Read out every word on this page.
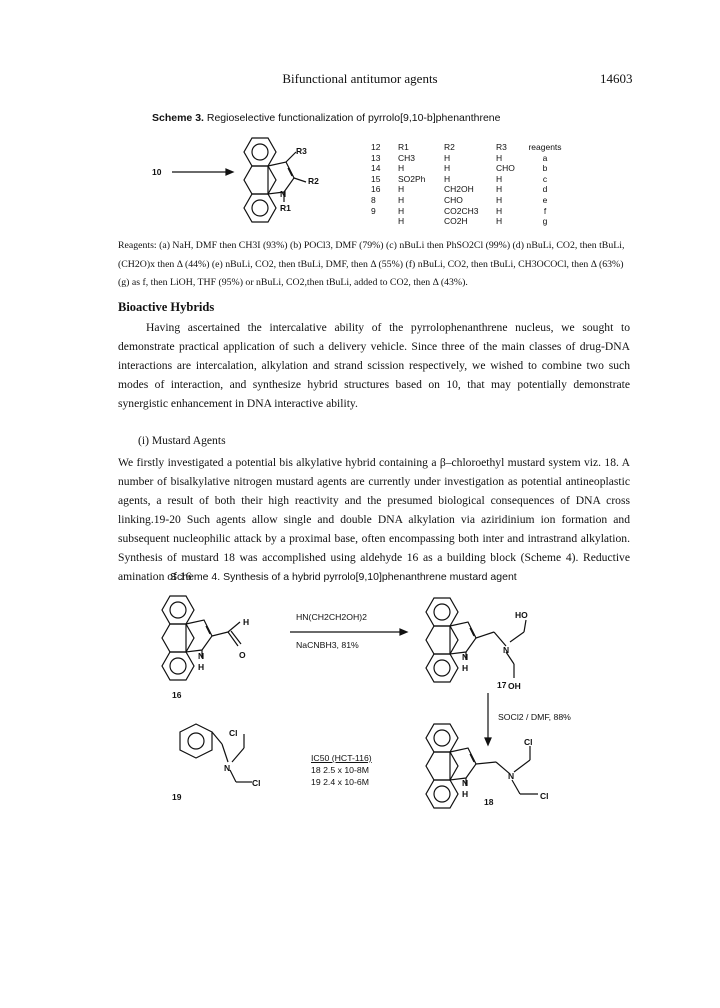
Bifunctional antitumor agents	14603
Scheme 3. Regioselective functionalization of pyrrolo[9,10-b]phenanthrene
10
R3
R2
N
R1
12
13
14
15
16
8
9
R1
CH3
H
SO2Ph
H
H
H
H
R2
H
H
H
CH2OH
CHO
CO2CH3
CO2H
R3
H
CHO
H
H
H
H
H
reagents
a
b
c
d
e
f
g
Reagents: (a) NaH, DMF then CH3I (93%) (b) POCl3, DMF (79%) (c) nBuLi then PhSO2Cl (99%) (d) nBuLi, CO2, then tBuLi, (CH2O)x then Δ (44%) (e) nBuLi, CO2, then tBuLi, DMF, then Δ (55%) (f) nBuLi, CO2, then tBuLi, CH3OCOCl, then Δ (63%) (g) as f, then LiOH, THF (95%) or nBuLi, CO2,then tBuLi, added to CO2, then Δ (43%).
Bioactive Hybrids
Having ascertained the intercalative ability of the pyrrolophenanthrene nucleus, we sought to demonstrate practical application of such a delivery vehicle. Since three of the main classes of drug-DNA interactions are intercalation, alkylation and strand scission respectively, we wished to combine two such modes of interaction, and synthesize hybrid structures based on 10, that may potentially demonstrate synergistic enhancement in DNA interactive ability.
(i) Mustard Agents
We firstly investigated a potential bis alkylative hybrid containing a β–chloroethyl mustard system viz. 18. A number of bisalkylative nitrogen mustard agents are currently under investigation as potential antineoplastic agents, a result of both their high reactivity and the presumed biological consequences of DNA cross linking.19-20 Such agents allow single and double DNA alkylation via aziridinium ion formation and subsequent nucleophilic attack by a proximal base, often encompassing both inter and intrastrand alkylation. Synthesis of mustard 18 was accomplished using aldehyde 16 as a building block (Scheme 4). Reductive amination of 16
Scheme 4. Synthesis of a hybrid pyrrolo[9,10]phenanthrene mustard agent
H
O
N
H
16
HN(CH2CH2OH)2
NaCNBH3, 81%
HO
N
N
H
17 OH
SOCl2 / DMF, 88%
Cl
N
Cl
19
IC50 (HCT-116)
18 2.5 x 10-8M
19 2.4 x 10-6M
Cl
N
N
H
18
Cl
